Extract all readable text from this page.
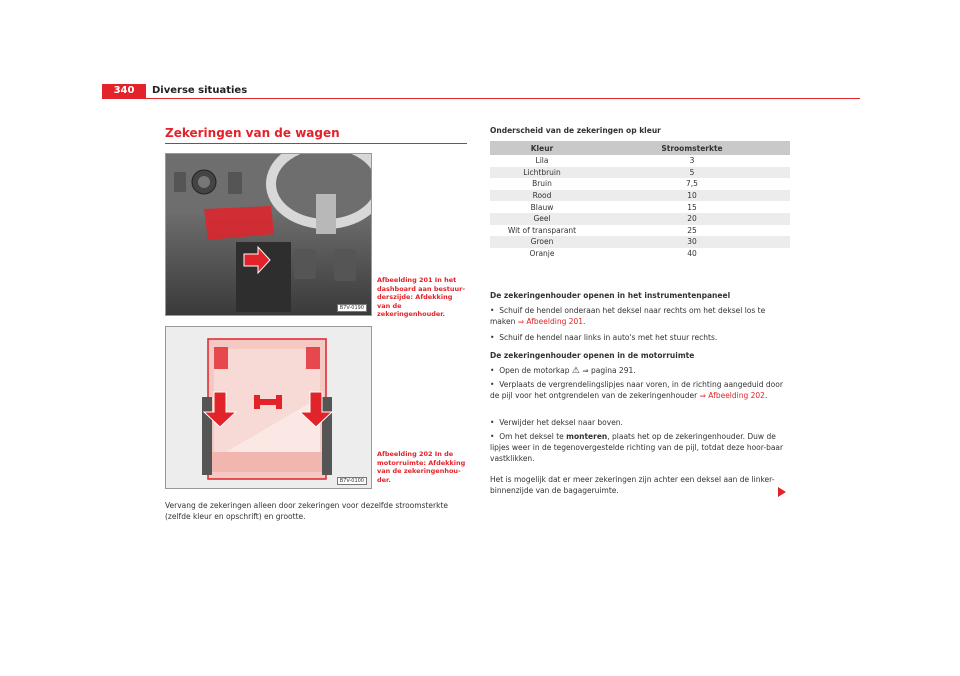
340	Diverse situaties
Zekeringen van de wagen
B7V-0190
Afbeelding 201 In het dashboard aan bestuur-derszijde: Afdekking van de zekeringenhouder.
B7V-0100
Afbeelding 202 In de motorruimte: Afdekking van de zekeringenhou-der.
Vervang de zekeringen alleen door zekeringen voor dezelfde stroomsterkte (zelfde kleur en opschrift) en grootte.
Onderscheid van de zekeringen op kleur
Kleur	Stroomsterkte
Lila	3
Lichtbruin	5
Bruin	7,5
Rood	10
Blauw	15
Geel	20
Wit of transparant	25
Groen	30
Oranje	40
De zekeringenhouder openen in het instrumentenpaneel
•  Schuif de hendel onderaan het deksel naar rechts om het deksel los te maken ⇒ Afbeelding 201.
•  Schuif de hendel naar links in auto's met het stuur rechts.
De zekeringenhouder openen in de motorruimte
•  Open de motorkap ⚠ ⇒ pagina 291.
•  Verplaats de vergrendelingslipjes naar voren, in de richting aangeduid door de pijl voor het ontgrendelen van de zekeringenhouder ⇒ Afbeelding 202.
•  Verwijder het deksel naar boven.
•  Om het deksel te monteren, plaats het op de zekeringenhouder. Duw de lipjes weer in de tegenovergestelde richting van de pijl, totdat deze hoor-baar vastklikken.
Het is mogelijk dat er meer zekeringen zijn achter een deksel aan de linker-binnenzijde van de bagageruimte.
